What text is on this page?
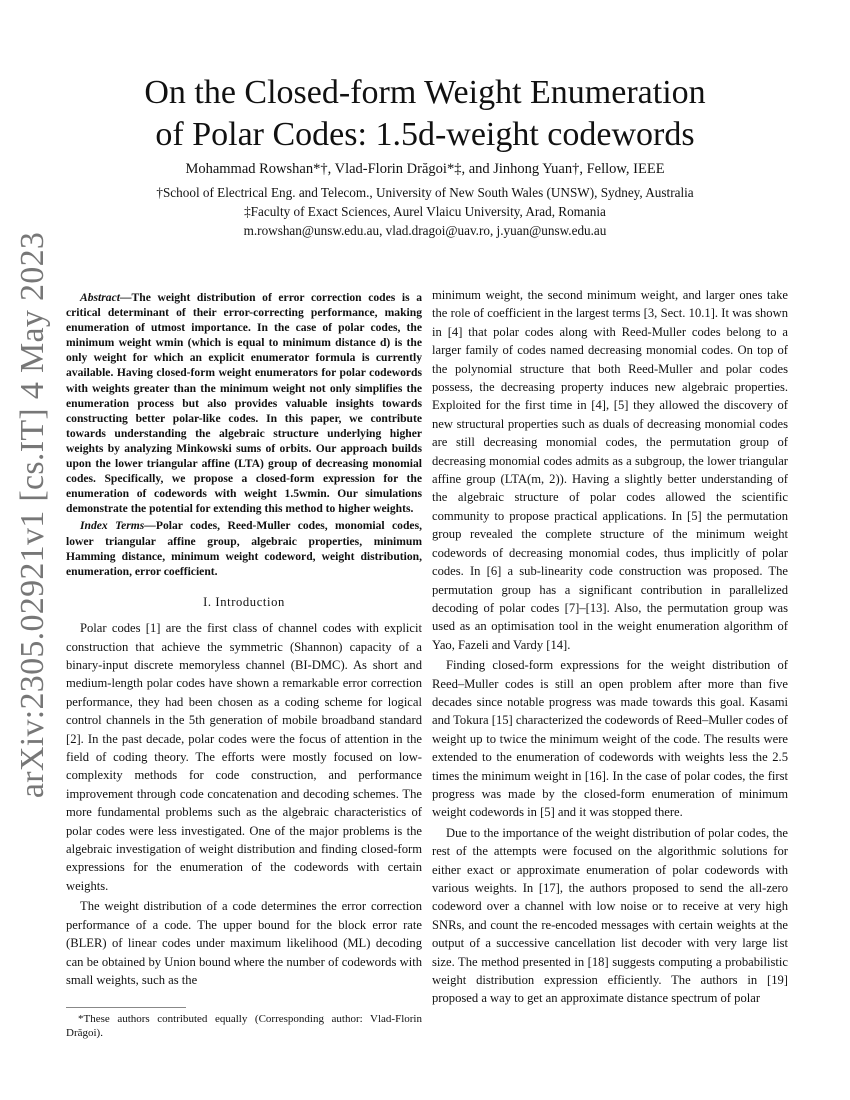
arXiv:2305.02921v1 [cs.IT] 4 May 2023
On the Closed-form Weight Enumeration
of Polar Codes: 1.5d-weight codewords
Mohammad Rowshan*†, Vlad-Florin Drăgoi*‡, and Jinhong Yuan†, Fellow, IEEE
†School of Electrical Eng. and Telecom., University of New South Wales (UNSW), Sydney, Australia
‡Faculty of Exact Sciences, Aurel Vlaicu University, Arad, Romania
m.rowshan@unsw.edu.au, vlad.dragoi@uav.ro, j.yuan@unsw.edu.au

Abstract—The weight distribution of error correction codes is a critical determinant of their error-correcting performance, making enumeration of utmost importance. In the case of polar codes, the minimum weight wmin (which is equal to minimum distance d) is the only weight for which an explicit enumerator formula is currently available. Having closed-form weight enumerators for polar codewords with weights greater than the minimum weight not only simplifies the enumeration process but also provides valuable insights towards constructing better polar-like codes. In this paper, we contribute towards understanding the algebraic structure underlying higher weights by analyzing Minkowski sums of orbits. Our approach builds upon the lower triangular affine (LTA) group of decreasing monomial codes. Specifically, we propose a closed-form expression for the enumeration of codewords with weight 1.5wmin. Our simulations demonstrate the potential for extending this method to higher weights.

Index Terms—Polar codes, Reed-Muller codes, monomial codes, lower triangular affine group, algebraic properties, minimum Hamming distance, minimum weight codeword, weight distribution, enumeration, error coefficient.

I. Introduction

Polar codes [1] are the first class of channel codes with explicit construction that achieve the symmetric (Shannon) capacity of a binary-input discrete memoryless channel (BI-DMC). As short and medium-length polar codes have shown a remarkable error correction performance, they had been chosen as a coding scheme for logical control channels in the 5th generation of mobile broadband standard [2]. In the past decade, polar codes were the focus of attention in the field of coding theory. The efforts were mostly focused on low-complexity methods for code construction, and performance improvement through code concatenation and decoding schemes. The more fundamental problems such as the algebraic characteristics of polar codes were less investigated. One of the major problems is the algebraic investigation of weight distribution and finding closed-form expressions for the enumeration of the codewords with certain weights.

The weight distribution of a code determines the error correction performance of a code. The upper bound for the block error rate (BLER) of linear codes under maximum likelihood (ML) decoding can be obtained by Union bound where the number of codewords with small weights, such as the

*These authors contributed equally (Corresponding author: Vlad-Florin Drăgoi).

minimum weight, the second minimum weight, and larger ones take the role of coefficient in the largest terms [3, Sect. 10.1]. It was shown in [4] that polar codes along with Reed-Muller codes belong to a larger family of codes named decreasing monomial codes. On top of the polynomial structure that both Reed-Muller and polar codes possess, the decreasing property induces new algebraic properties. Exploited for the first time in [4], [5] they allowed the discovery of new structural properties such as duals of decreasing monomial codes are still decreasing monomial codes, the permutation group of decreasing monomial codes admits as a subgroup, the lower triangular affine group (LTA(m, 2)). Having a slightly better understanding of the algebraic structure of polar codes allowed the scientific community to propose practical applications. In [5] the permutation group revealed the complete structure of the minimum weight codewords of decreasing monomial codes, thus implicitly of polar codes. In [6] a sub-linearity code construction was proposed. The permutation group has a significant contribution in parallelized decoding of polar codes [7]–[13]. Also, the permutation group was used as an optimisation tool in the weight enumeration algorithm of Yao, Fazeli and Vardy [14].

Finding closed-form expressions for the weight distribution of Reed–Muller codes is still an open problem after more than five decades since notable progress was made towards this goal. Kasami and Tokura [15] characterized the codewords of Reed–Muller codes of weight up to twice the minimum weight of the code. The results were extended to the enumeration of codewords with weights less the 2.5 times the minimum weight in [16]. In the case of polar codes, the first progress was made by the closed-form enumeration of minimum weight codewords in [5] and it was stopped there.

Due to the importance of the weight distribution of polar codes, the rest of the attempts were focused on the algorithmic solutions for either exact or approximate enumeration of polar codewords with various weights. In [17], the authors proposed to send the all-zero codeword over a channel with low noise or to receive at very high SNRs, and count the re-encoded messages with certain weights at the output of a successive cancellation list decoder with very large list size. The method presented in [18] suggests computing a probabilistic weight distribution expression efficiently. The authors in [19] proposed a way to get an approximate distance spectrum of polar
